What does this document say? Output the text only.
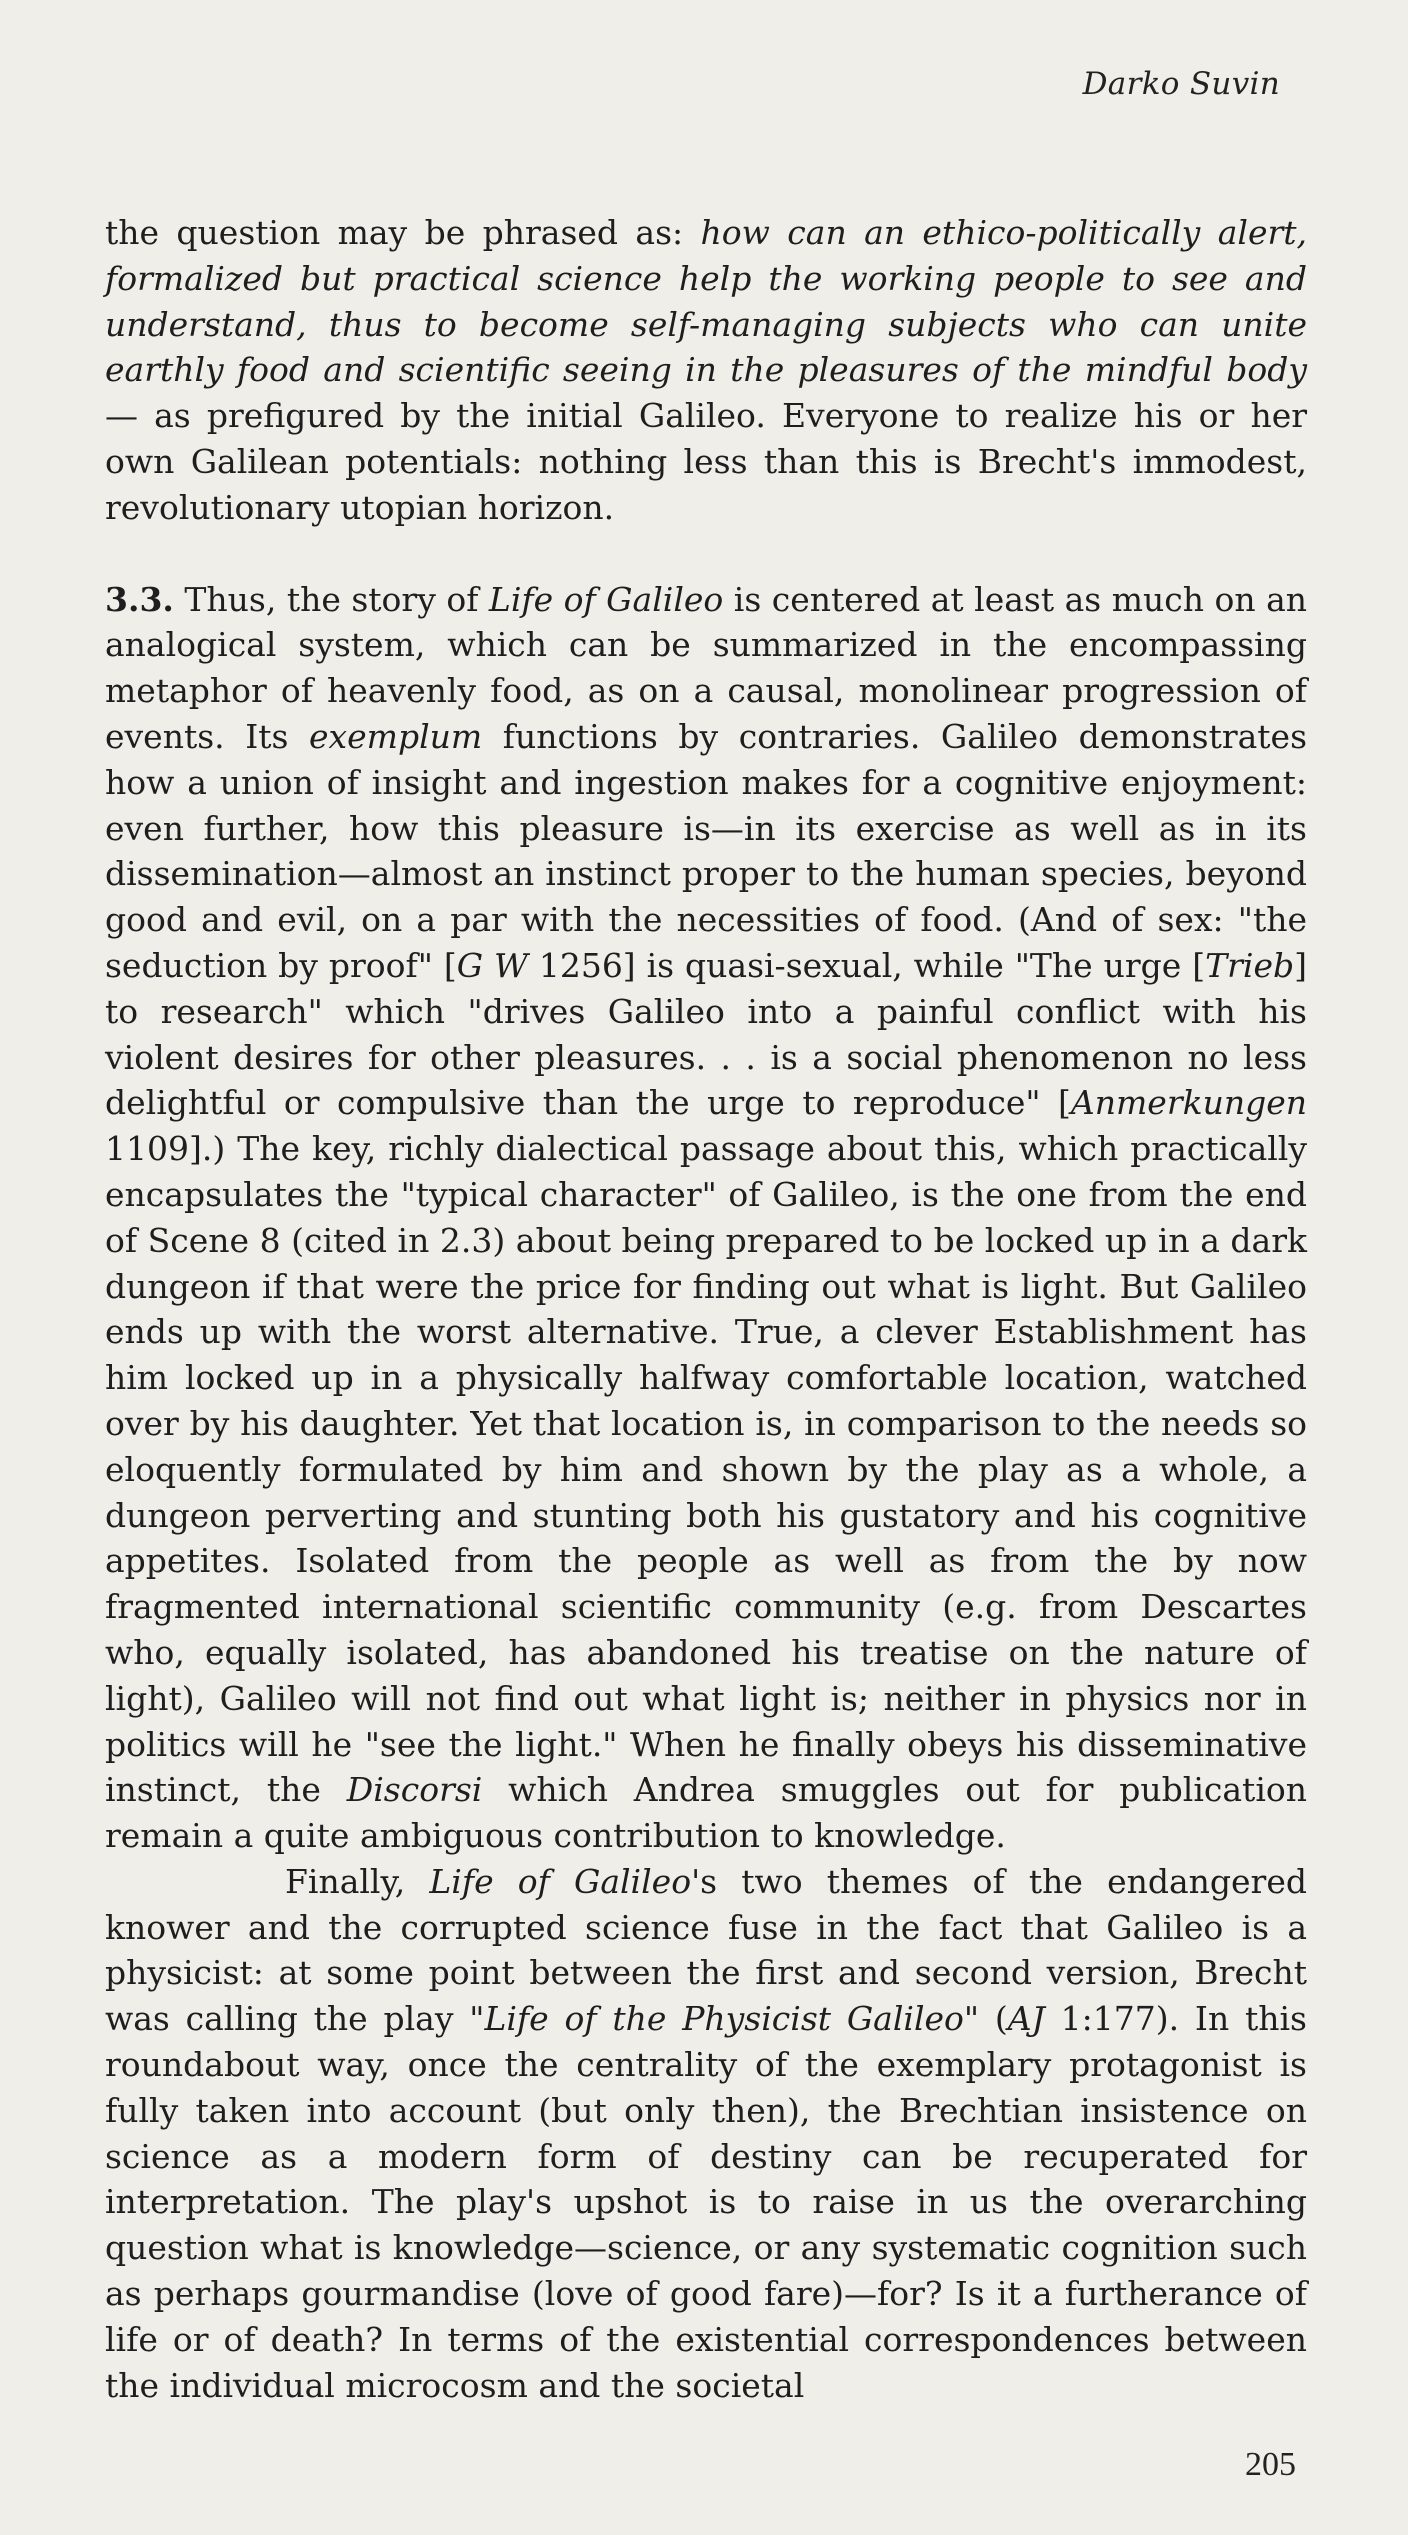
Darko Suvin

the question may be phrased as: how can an ethico-politically alert, formalized but practical science help the working people to see and understand, thus to become self-managing subjects who can unite earthly food and scientific seeing in the pleasures of the mindful body— as prefigured by the initial Galileo. Everyone to realize his or her own Galilean potentials: nothing less than this is Brecht's immodest, revolutionary utopian horizon.

3.3. Thus, the story of Life of Galileo is centered at least as much on an analogical system, which can be summarized in the encompassing metaphor of heavenly food, as on a causal, monolinear progression of events. Its exemplum functions by contraries. Galileo demonstrates how a union of insight and ingestion makes for a cognitive enjoyment: even further, how this pleasure is—in its exercise as well as in its dissemination—almost an instinct proper to the human species, beyond good and evil, on a par with the necessities of food. (And of sex: "the seduction by proof" [G W 1256] is quasi-sexual, while "The urge [Trieb] to research" which "drives Galileo into a painful conflict with his violent desires for other pleasures. . . is a social phenomenon no less delightful or compulsive than the urge to reproduce" [Anmerkungen 1109].) The key, richly dialectical passage about this, which practically encapsulates the "typical character" of Galileo, is the one from the end of Scene 8 (cited in 2.3) about being prepared to be locked up in a dark dungeon if that were the price for finding out what is light. But Galileo ends up with the worst alternative. True, a clever Establishment has him locked up in a physically halfway comfortable location, watched over by his daughter. Yet that location is, in comparison to the needs so eloquently formulated by him and shown by the play as a whole, a dungeon perverting and stunting both his gustatory and his cognitive appetites. Isolated from the people as well as from the by now fragmented international scientific community (e.g. from Descartes who, equally isolated, has abandoned his treatise on the nature of light), Galileo will not find out what light is; neither in physics nor in politics will he "see the light." When he finally obeys his disseminative instinct, the Discorsi which Andrea smuggles out for publication remain a quite ambiguous contribution to knowledge.

Finally, Life of Galileo's two themes of the endangered knower and the corrupted science fuse in the fact that Galileo is a physicist: at some point between the first and second version, Brecht was calling the play "Life of the Physicist Galileo" (AJ 1:177). In this roundabout way, once the centrality of the exemplary protagonist is fully taken into account (but only then), the Brechtian insistence on science as a modern form of destiny can be recuperated for interpretation. The play's upshot is to raise in us the overarching question what is knowledge—science, or any systematic cognition such as perhaps gourmandise (love of good fare)—for? Is it a furtherance of life or of death? In terms of the existential correspondences between the individual microcosm and the societal

205
